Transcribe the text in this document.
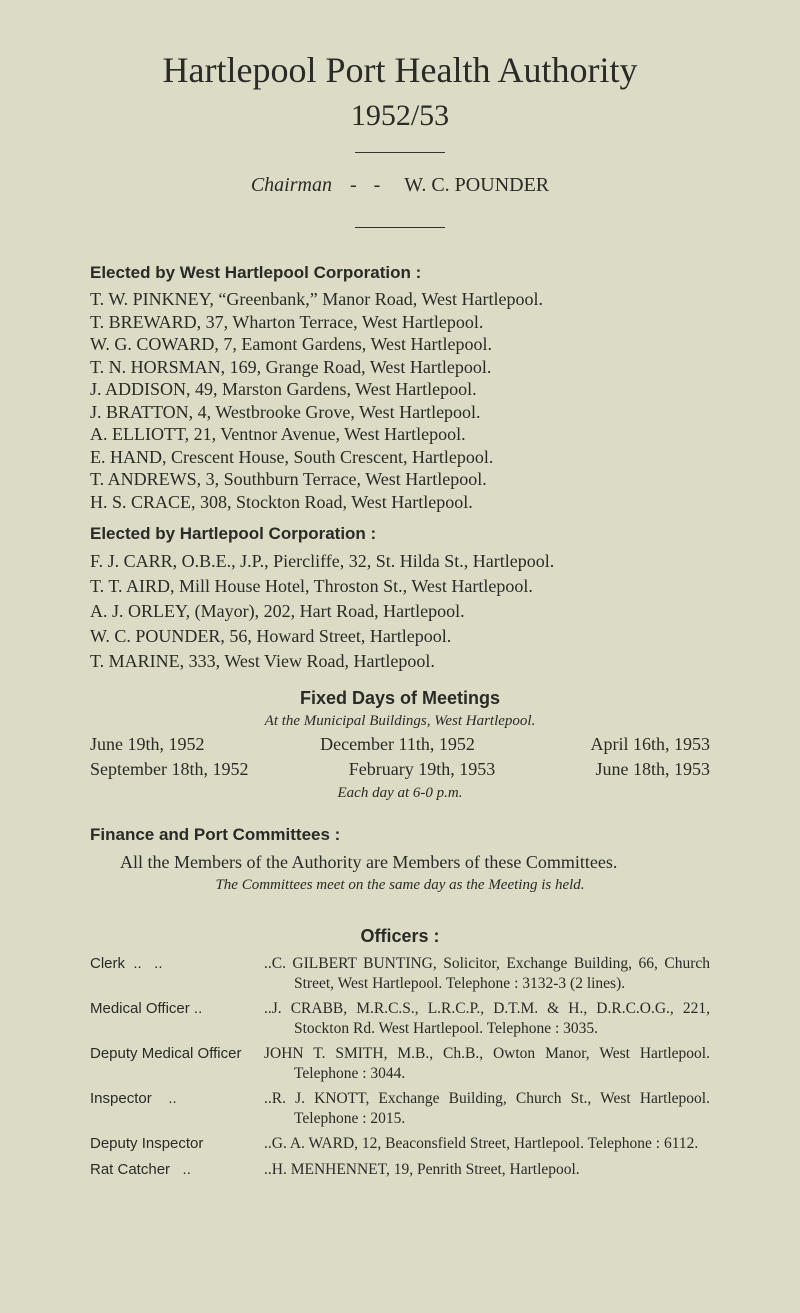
Hartlepool Port Health Authority
1952/53
Chairman - - W. C. POUNDER
Elected by West Hartlepool Corporation :
T. W. PINKNEY, “Greenbank,” Manor Road, West Hartlepool.
T. BREWARD, 37, Wharton Terrace, West Hartlepool.
W. G. COWARD, 7, Eamont Gardens, West Hartlepool.
T. N. HORSMAN, 169, Grange Road, West Hartlepool.
J. ADDISON, 49, Marston Gardens, West Hartlepool.
J. BRATTON, 4, Westbrooke Grove, West Hartlepool.
A. ELLIOTT, 21, Ventnor Avenue, West Hartlepool.
E. HAND, Crescent House, South Crescent, Hartlepool.
T. ANDREWS, 3, Southburn Terrace, West Hartlepool.
H. S. CRACE, 308, Stockton Road, West Hartlepool.
Elected by Hartlepool Corporation :
F. J. CARR, O.B.E., J.P., Piercliffe, 32, St. Hilda St., Hartlepool.
T. T. AIRD, Mill House Hotel, Throston St., West Hartlepool.
A. J. ORLEY, (Mayor), 202, Hart Road, Hartlepool.
W. C. POUNDER, 56, Howard Street, Hartlepool.
T. MARINE, 333, West View Road, Hartlepool.
Fixed Days of Meetings
At the Municipal Buildings, West Hartlepool.
June 19th, 1952	December 11th, 1952	April 16th, 1953
September 18th, 1952	February 19th, 1953	June 18th, 1953
Each day at 6-0 p.m.
Finance and Port Committees :
All the Members of the Authority are Members of these Committees.
The Committees meet on the same day as the Meeting is held.
Officers :
Clerk  ..   ..	..C. GILBERT BUNTING, Solicitor, Exchange Building, 66, Church Street, West Hartlepool. Telephone : 3132-3 (2 lines).
Medical Officer ..	..J. CRABB, M.R.C.S., L.R.C.P., D.T.M. & H., D.R.C.O.G., 221, Stockton Rd. West Hartlepool. Telephone : 3035.
Deputy Medical Officer	JOHN T. SMITH, M.B., Ch.B., Owton Manor, West Hartlepool. Telephone : 3044.
Inspector    ..	..R. J. KNOTT, Exchange Building, Church St., West Hartlepool. Telephone : 2015.
Deputy Inspector	..G. A. WARD, 12, Beaconsfield Street, Hartlepool. Telephone : 6112.
Rat Catcher   ..	..H. MENHENNET, 19, Penrith Street, Hartlepool.
